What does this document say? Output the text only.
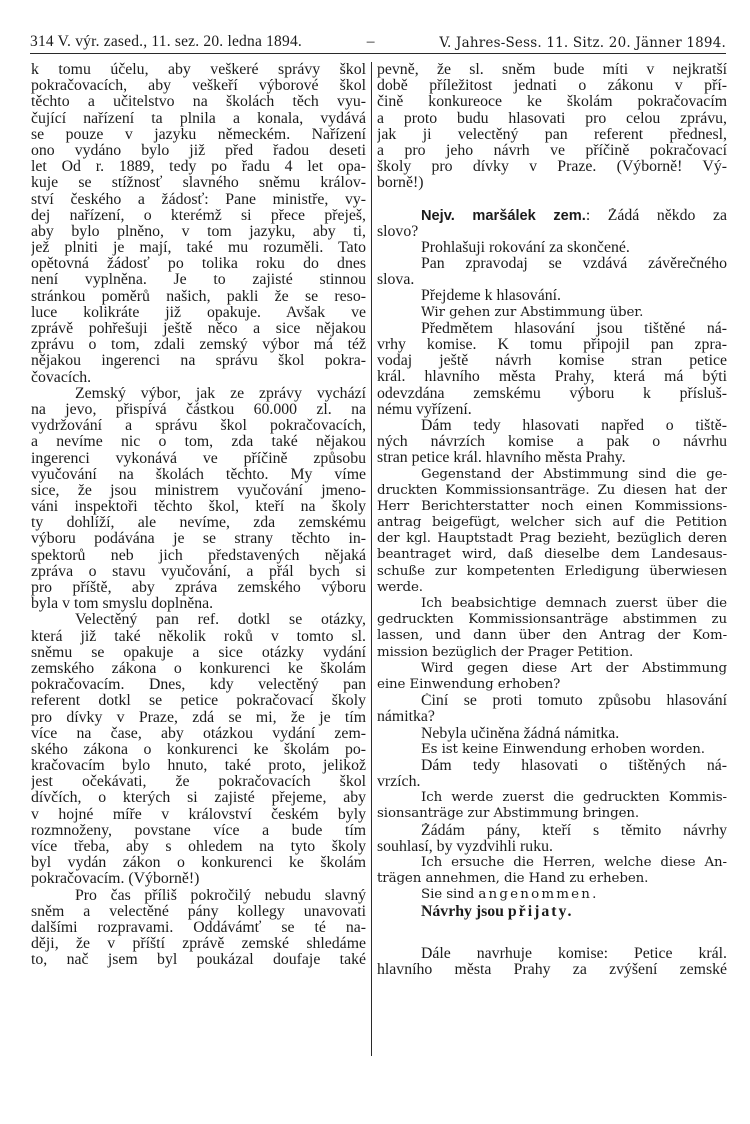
314 V. výr. zased., 11. sez. 20. ledna 1894.	–	V. Jahres-Sess. 11. Sitz. 20. Jänner 1894.
k tomu účelu, aby veškeré správy škol
pokračovacích, aby veškeří výborové škol
těchto a učitelstvo na školách těch vyu-
čující nařízení ta plnila a konala, vydává
se pouze v jazyku německém. Nařízení
ono vydáno bylo již před řadou deseti
let Od r. 1889, tedy po řadu 4 let opa-
kuje se stížnosť slavného sněmu králov-
ství českého a žádosť: Pane ministře, vy-
dej nařízení, o kterémž si přece přeješ,
aby bylo plněno, v tom jazyku, aby ti,
jež plniti je mají, také mu rozuměli. Tato
opětovná žádosť po tolika roku do dnes
není vyplněna. Je to zajisté stinnou
stránkou poměrů našich, pakli že se reso-
luce kolikráte již opakuje. Avšak ve
zprávě pohřešuji ještě něco a sice nějakou
zprávu o tom, zdali zemský výbor má též
nějakou ingerenci na správu škol pokra-
čovacích.
Zemský výbor, jak ze zprávy vychází
na jevo, přispívá částkou 60.000 zl. na
vydržování a správu škol pokračovacích,
a nevíme nic o tom, zda také nějakou
ingerenci vykonává ve příčině způsobu
vyučování na školách těchto. My víme
sice, že jsou ministrem vyučování jmeno-
váni inspektoři těchto škol, kteří na školy
ty dohlíží, ale nevíme, zda zemskému
výboru podávána je se strany těchto in-
spektorů neb jich představených nějaká
zpráva o stavu vyučování, a přál bych si
pro příště, aby zpráva zemského výboru
byla v tom smyslu doplněna.
Velectěný pan ref. dotkl se otázky,
která již také několik roků v tomto sl.
sněmu se opakuje a sice otázky vydání
zemského zákona o konkurenci ke školám
pokračovacím. Dnes, kdy velectěný pan
referent dotkl se petice pokračovací školy
pro dívky v Praze, zdá se mi, že je tím
více na čase, aby otázkou vydání zem-
ského zákona o konkurenci ke školám po-
kračovacím bylo hnuto, také proto, jelikož
jest očekávati, že pokračovacích škol
dívčích, o kterých si zajisté přejeme, aby
v hojné míře v království českém byly
rozmnoženy, povstane více a bude tím
více třeba, aby s ohledem na tyto školy
byl vydán zákon o konkurenci ke školám
pokračovacím. (Výborně!)
Pro čas příliš pokročilý nebudu slavný
sněm a velectěné pány kollegy unavovati
dalšími rozpravami. Oddávámť se té na-
ději, že v příští zprávě zemské shledáme
to, nač jsem byl poukázal doufaje také
pevně, že sl. sněm bude míti v nejkratší
době příležitost jednati o zákonu v pří-
čině konkureoce ke školám pokračovacím
a proto budu hlasovati pro celou zprávu,
jak ji velectěný pan referent přednesl,
a pro jeho návrh ve příčině pokračovací
školy pro dívky v Praze. (Výborně! Vý-
borně!)
Nejv. maršálek zem.: Žádá někdo za
slovo?
Prohlašuji rokování za skončené.
Pan zpravodaj se vzdává závěrečného
slova.
Přejdeme k hlasování.
Wir gehen zur Abstimmung über.
Předmětem hlasování jsou tištěné ná-
vrhy komise. K tomu připojil pan zpra-
vodaj ještě návrh komise stran petice
král. hlavního města Prahy, která má býti
odevzdána zemskému výboru k přísluš-
nému vyřízení.
Dám tedy hlasovati napřed o tiště-
ných návrzích komise a pak o návrhu
stran petice král. hlavního města Prahy.
Gegenstand der Abstimmung sind die ge-
druckten Kommissionsanträge. Zu diesen hat der
Herr Berichterstatter noch einen Kommissions-
antrag beigefügt, welcher sich auf die Petition
der kgl. Hauptstadt Prag bezieht, bezüglich deren
beantraget wird, daß dieselbe dem Landesaus-
schuße zur kompetenten Erledigung überwiesen
werde.
Ich beabsichtige demnach zuerst über die
gedruckten Kommissionsanträge abstimmen zu
lassen, und dann über den Antrag der Kom-
mission bezüglich der Prager Petition.
Wird gegen diese Art der Abstimmung
eine Einwendung erhoben?
Činí se proti tomuto způsobu hlasování
námitka?
Nebyla učiněna žádná námitka.
Es ist keine Einwendung erhoben worden.
Dám tedy hlasovati o tištěných ná-
vrzích.
Ich werde zuerst die gedruckten Kommis-
sionsanträge zur Abstimmung bringen.
Žádám pány, kteří s těmito návrhy
souhlasí, by vyzdvihli ruku.
Ich ersuche die Herren, welche diese An-
trägen annehmen, die Hand zu erheben.
Sie sind angenommen.
Návrhy jsou přijaty.
Dále navrhuje komise: Petice král.
hlavního města Prahy za zvýšení zemské
